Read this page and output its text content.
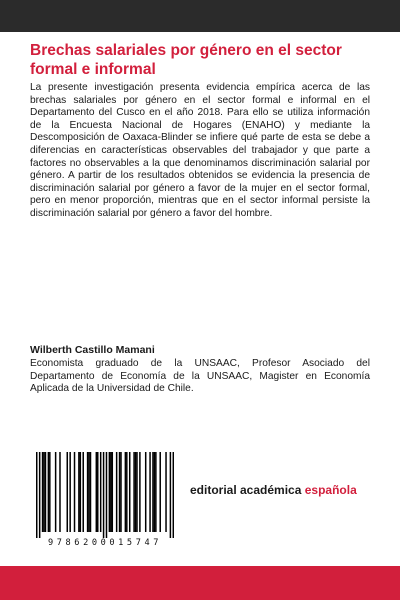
Brechas salariales por género en el sector formal e informal

La presente investigación presenta evidencia empírica acerca de las brechas salariales por género en el sector formal e informal en el Departamento del Cusco en el año 2018. Para ello se utiliza información de la Encuesta Nacional de Hogares (ENAHO) y mediante la Descomposición de Oaxaca-Blinder se infiere qué parte de esta se debe a diferencias en características observables del trabajador y que parte a factores no observables a la que denominamos discriminación salarial por género. A partir de los resultados obtenidos se evidencia la presencia de discriminación salarial por género a favor de la mujer en el sector formal, pero en menor proporción, mientras que en el sector informal persiste la discriminación salarial por género a favor del hombre.

Wilberth Castillo Mamani

Economista graduado de la UNSAAC, Profesor Asociado del Departamento de Economía de la UNSAAC, Magister en Economía Aplicada de la Universidad de Chile.

9786200015747
editorial académica española
